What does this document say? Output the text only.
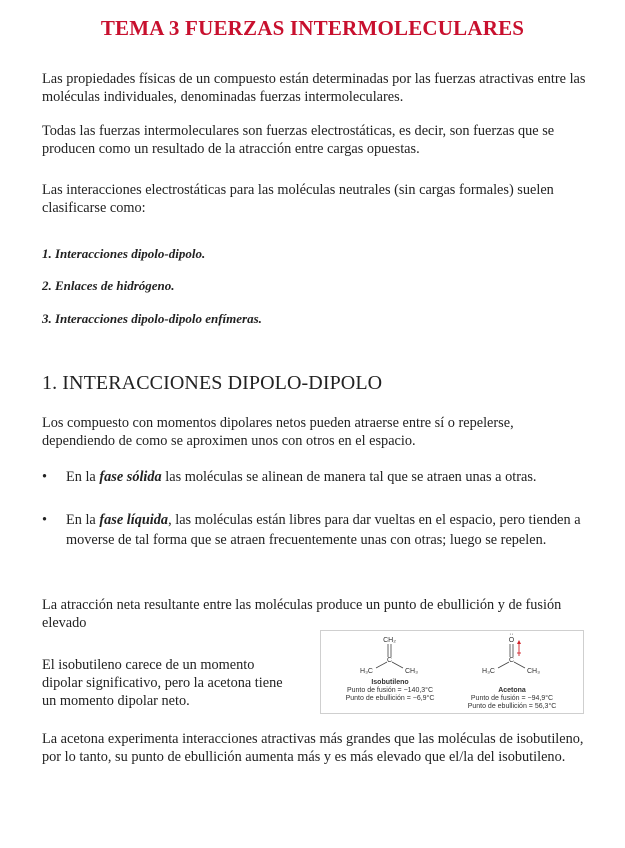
TEMA 3 FUERZAS INTERMOLECULARES
Las propiedades físicas de un compuesto están determinadas por las fuerzas atractivas entre las moléculas individuales, denominadas fuerzas intermoleculares.
Todas las fuerzas intermoleculares son fuerzas electrostáticas, es decir, son fuerzas que se producen como un resultado de la atracción entre cargas opuestas.
Las interacciones electrostáticas para las moléculas neutrales (sin cargas formales) suelen clasificarse como:
1. Interacciones dipolo-dipolo.
2. Enlaces de hidrógeno.
3. Interacciones dipolo-dipolo enfímeras.
1. INTERACCIONES DIPOLO-DIPOLO
Los compuesto con momentos dipolares netos pueden atraerse entre sí o repelerse, dependiendo de como se aproximen unos con otros en el espacio.
• En la fase sólida las moléculas se alinean de manera tal que se atraen unas a otras.
• En la fase líquida, las moléculas están libres para dar vueltas en el espacio, pero tienden a moverse de tal forma que se atraen frecuentemente unas con otras; luego se repelen.
La atracción neta resultante entre las moléculas produce un punto de ebullición y de fusión elevado
El isobutileno carece de un momento dipolar significativo, pero la acetona tiene un momento dipolar neto.
CH₂
C
H₃C	CH₃
··
O
C
H₃C	CH₃
Isobutileno
Punto de fusión = −140,3°C
Punto de ebullición = −6,9°C
Acetona
Punto de fusión = −94,9°C
Punto de ebullición = 56,3°C
La acetona experimenta interacciones atractivas más grandes que las moléculas de isobutileno, por lo tanto, su punto de ebullición aumenta más y es más elevado que el/la del isobutileno.
